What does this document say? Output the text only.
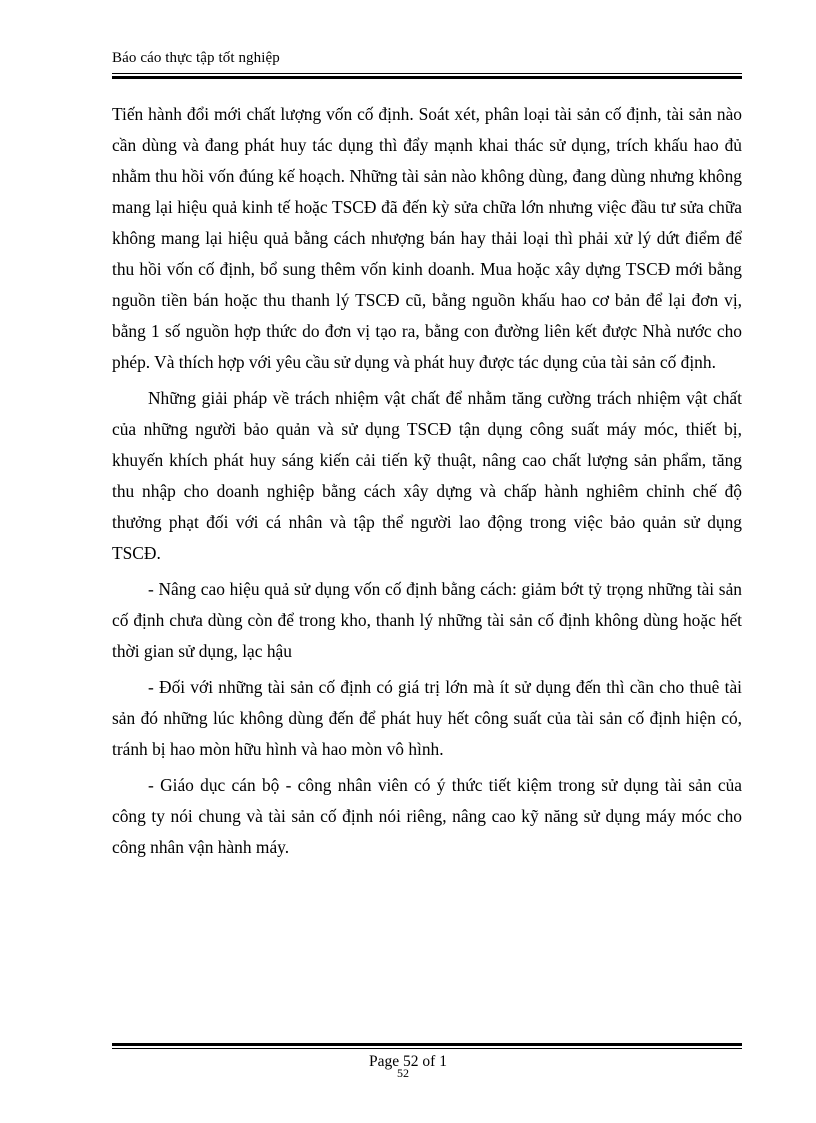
Báo cáo thực tập tốt nghiệp

Tiến hành đổi mới chất lượng vốn cố định. Soát xét, phân loại tài sản cố định, tài sản nào cần dùng và đang phát huy tác dụng thì đẩy mạnh khai thác sử dụng, trích khấu hao đủ nhằm thu hồi vốn đúng kế hoạch. Những tài sản nào không dùng, đang dùng nhưng không mang lại hiệu quả kinh tế hoặc TSCĐ đã đến kỳ sửa chữa lớn nhưng việc đầu tư sửa chữa không mang lại hiệu quả bằng cách nhượng bán hay thải loại thì phải xử lý dứt điểm để thu hồi vốn cố định, bổ sung thêm vốn kinh doanh. Mua hoặc xây dựng TSCĐ mới bằng nguồn tiền bán hoặc thu thanh lý TSCĐ cũ, bằng nguồn khấu hao cơ bản để lại đơn vị, bằng 1 số nguồn hợp thức do đơn vị tạo ra, bằng con đường liên kết được Nhà nước cho phép. Và thích hợp với yêu cầu sử dụng và phát huy được tác dụng của tài sản cố định.

Những giải pháp về trách nhiệm vật chất để nhằm tăng cường trách nhiệm vật chất của những người bảo quản và sử dụng TSCĐ tận dụng công suất máy móc, thiết bị, khuyến khích phát huy sáng kiến cải tiến kỹ thuật, nâng cao chất lượng sản phẩm, tăng thu nhập cho doanh nghiệp bằng cách xây dựng và chấp hành nghiêm chỉnh chế độ thưởng phạt đối với cá nhân và tập thể người lao động trong việc bảo quản sử dụng TSCĐ.

- Nâng cao hiệu quả sử dụng vốn cố định bằng cách: giảm bớt tỷ trọng những tài sản cố định chưa dùng còn để trong kho, thanh lý những tài sản cố định không dùng hoặc hết thời gian sử dụng, lạc hậu

- Đối với những tài sản cố định có giá trị lớn mà ít sử dụng đến thì cần cho thuê tài sản đó những lúc không dùng đến để phát huy hết công suất của tài sản cố định hiện có, tránh bị hao mòn hữu hình và hao mòn vô hình.

- Giáo dục cán bộ - công nhân viên có ý thức tiết kiệm trong sử dụng tài sản của công ty nói chung và tài sản cố định nói riêng, nâng cao kỹ năng sử dụng máy móc cho công nhân vận hành máy.

Page 52 of 1
52
